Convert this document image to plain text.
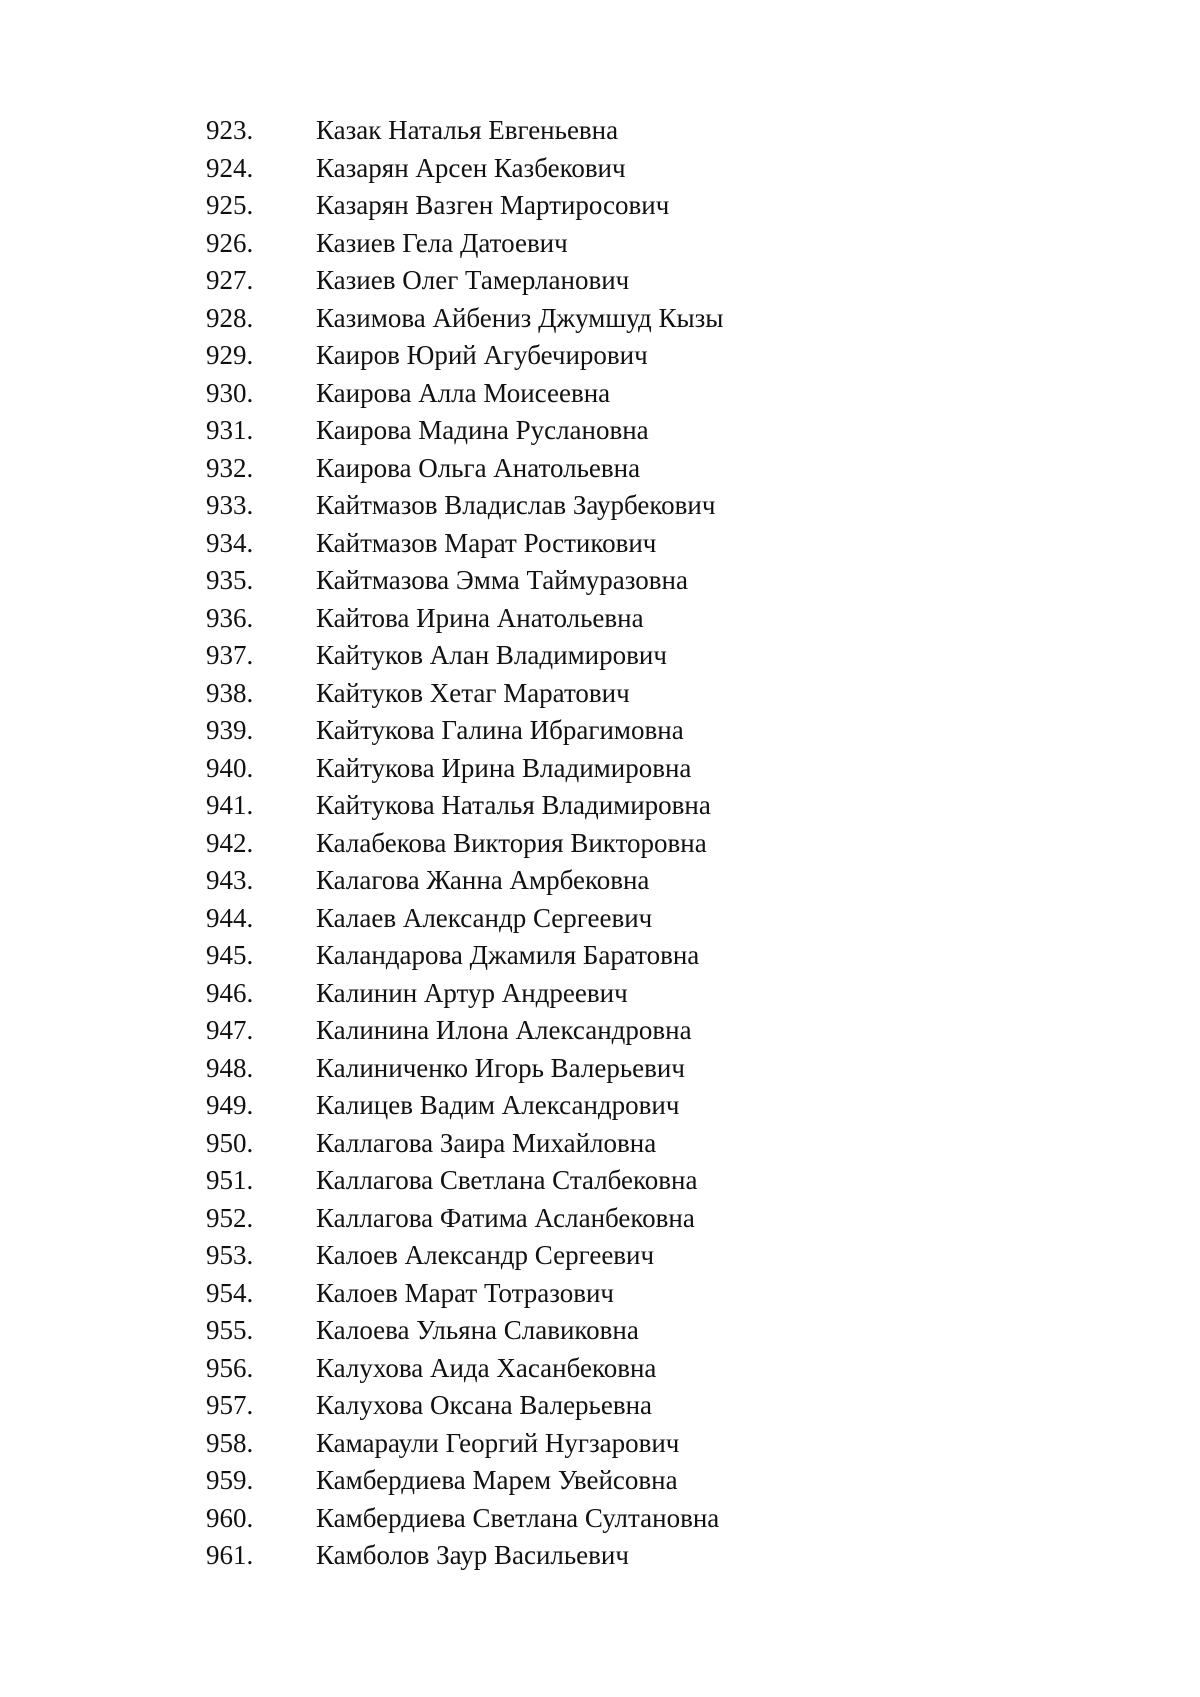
923. Казак Наталья Евгеньевна
924. Казарян Арсен Казбекович
925. Казарян Вазген Мартиросович
926. Казиев Гела Датоевич
927. Казиев Олег Тамерланович
928. Казимова Айбениз Джумшуд Кызы
929. Каиров Юрий Агубечирович
930. Каирова Алла Моисеевна
931. Каирова Мадина Руслановна
932. Каирова Ольга Анатольевна
933. Кайтмазов Владислав Заурбекович
934. Кайтмазов Марат Ростикович
935. Кайтмазова Эмма Таймуразовна
936. Кайтова Ирина Анатольевна
937. Кайтуков Алан Владимирович
938. Кайтуков Хетаг Маратович
939. Кайтукова Галина Ибрагимовна
940. Кайтукова Ирина Владимировна
941. Кайтукова Наталья Владимировна
942. Калабекова Виктория Викторовна
943. Калагова Жанна Амрбековна
944. Калаев Александр Сергеевич
945. Каландарова Джамиля Баратовна
946. Калинин Артур Андреевич
947. Калинина Илона Александровна
948. Калиниченко Игорь Валерьевич
949. Калицев Вадим Александрович
950. Каллагова Заира Михайловна
951. Каллагова Светлана Сталбековна
952. Каллагова Фатима Асланбековна
953. Калоев Александр Сергеевич
954. Калоев Марат Тотразович
955. Калоева Ульяна Славиковна
956. Калухова Аида Хасанбековна
957. Калухова Оксана Валерьевна
958. Камараули Георгий Нугзарович
959. Камбердиева Марем Увейсовна
960. Камбердиева Светлана Султановна
961. Камболов Заур Васильевич
